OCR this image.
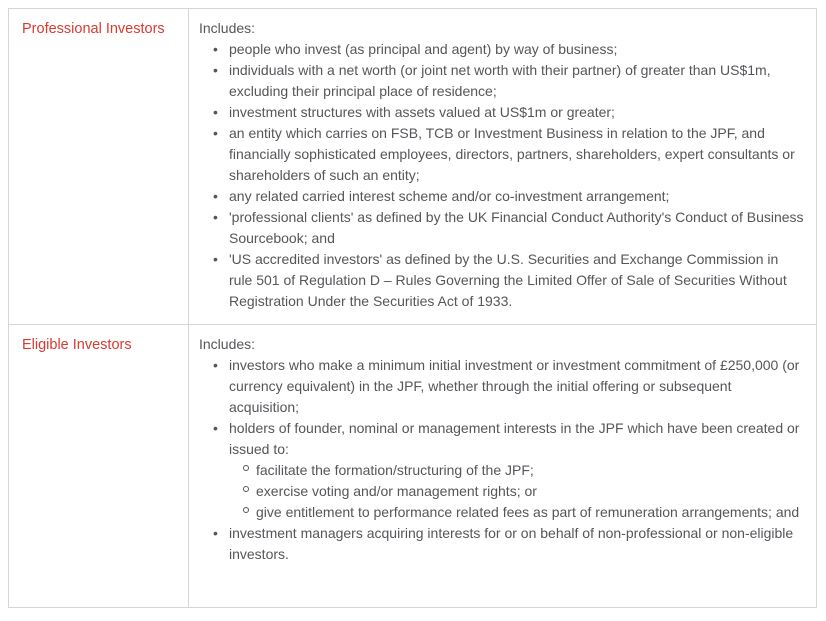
Professional Investors	Includes:

•
people who invest (as principal and agent) by way of business;
•
individuals with a net worth (or joint net worth with their partner) of greater than US$1m, excluding their principal place of residence;
•
investment structures with assets valued at US$1m or greater;
•
an entity which carries on FSB, TCB or Investment Business in relation to the JPF, and financially sophisticated employees, directors, partners, shareholders, expert consultants or shareholders of such an entity;
•
any related carried interest scheme and/or co-investment arrangement;
•
'professional clients' as defined by the UK Financial Conduct Authority's Conduct of Business Sourcebook; and
•
'US accredited investors' as defined by the U.S. Securities and Exchange Commission in rule 501 of Regulation D – Rules Governing the Limited Offer of Sale of Securities Without Registration Under the Securities Act of 1933.
Eligible Investors	Includes:

•
investors who make a minimum initial investment or investment commitment of £250,000 (or currency equivalent) in the JPF, whether through the initial offering or subsequent acquisition;
•
holders of founder, nominal or management interests in the JPF which have been created or issued to:
facilitate the formation/structuring of the JPF;
exercise voting and/or management rights; or
give entitlement to performance related fees as part of remuneration arrangements; and
•
investment managers acquiring interests for or on behalf of non-professional or non-eligible investors.
